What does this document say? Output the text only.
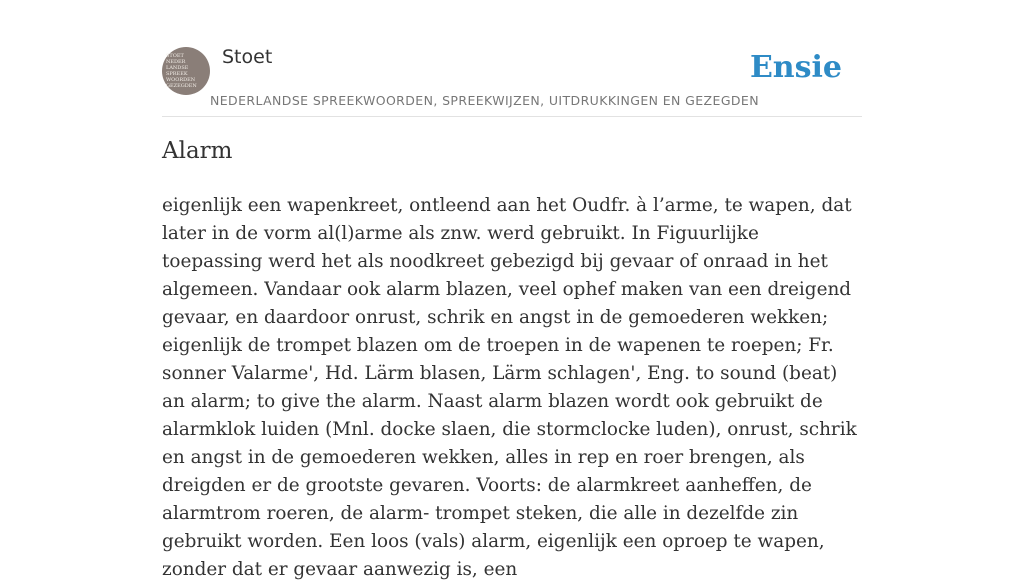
STOET
NEDER
LANDSE
SPREEK
WOORDEN
GEZEGDEN
Stoet
NEDERLANDSE SPREEKWOORDEN, SPREEKWIJZEN, UITDRUKKINGEN EN GEZEGDEN
Ensie
Alarm

eigenlijk een wapenkreet, ontleend aan het Oudfr. à l’arme, te wapen, dat later in de vorm al(l)arme als znw. werd gebruikt. In Figuurlijke toepassing werd het als noodkreet gebezigd bij gevaar of onraad in het algemeen. Vandaar ook alarm blazen, veel ophef maken van een dreigend gevaar, en daardoor onrust, schrik en angst in de gemoederen wekken; eigenlijk de trompet blazen om de troepen in de wapenen te roepen; Fr. sonner Valarme', Hd. Lärm blasen, Lärm schlagen', Eng. to sound (beat) an alarm; to give the alarm. Naast alarm blazen wordt ook gebruikt de alarmklok luiden (Mnl. docke slaen, die stormclocke luden), onrust, schrik en angst in de gemoederen wekken, alles in rep en roer brengen, als dreigden er de grootste gevaren. Voorts: de alarmkreet aanheffen, de alarmtrom roeren, de alarm- trompet steken, die alle in dezelfde zin gebruikt worden. Een loos (vals) alarm, eigenlijk een oproep te wapen, zonder dat er gevaar aanwezig is, een
